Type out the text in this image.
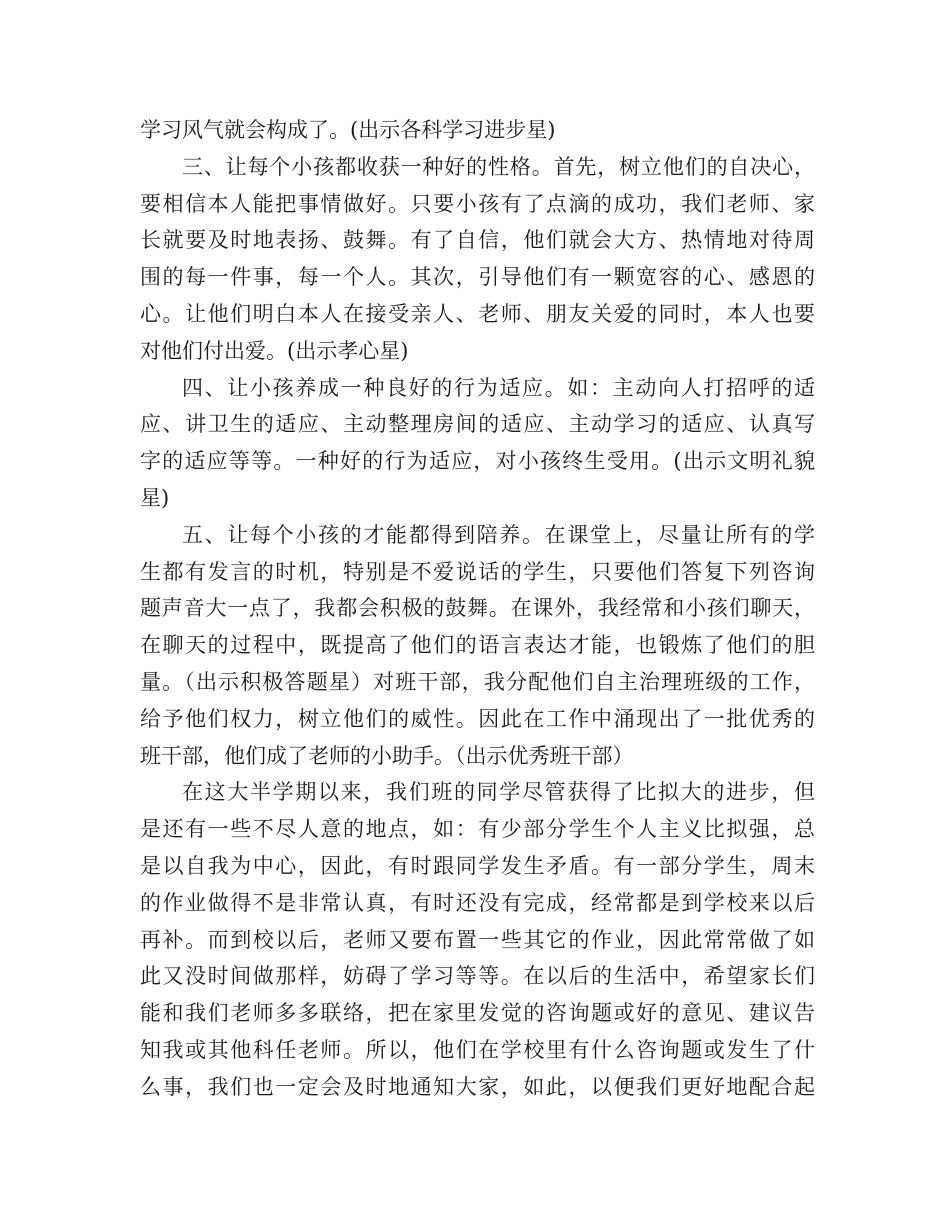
学习风气就会构成了。(出示各科学习进步星)
三、让每个小孩都收获一种好的性格。首先，树立他们的自决心，
要相信本人能把事情做好。只要小孩有了点滴的成功，我们老师、家
长就要及时地表扬、鼓舞。有了自信，他们就会大方、热情地对待周
围的每一件事，每一个人。其次，引导他们有一颗宽容的心、感恩的
心。让他们明白本人在接受亲人、老师、朋友关爱的同时，本人也要
对他们付出爱。(出示孝心星)
四、让小孩养成一种良好的行为适应。如：主动向人打招呼的适
应、讲卫生的适应、主动整理房间的适应、主动学习的适应、认真写
字的适应等等。一种好的行为适应，对小孩终生受用。(出示文明礼貌
星)
五、让每个小孩的才能都得到陪养。在课堂上，尽量让所有的学
生都有发言的时机，特别是不爱说话的学生，只要他们答复下列咨询
题声音大一点了，我都会积极的鼓舞。在课外，我经常和小孩们聊天，
在聊天的过程中，既提高了他们的语言表达才能，也锻炼了他们的胆
量。（出示积极答题星）对班干部，我分配他们自主治理班级的工作，
给予他们权力，树立他们的威性。因此在工作中涌现出了一批优秀的
班干部，他们成了老师的小助手。（出示优秀班干部）
在这大半学期以来，我们班的同学尽管获得了比拟大的进步，但
是还有一些不尽人意的地点，如：有少部分学生个人主义比拟强，总
是以自我为中心，因此，有时跟同学发生矛盾。有一部分学生，周末
的作业做得不是非常认真，有时还没有完成，经常都是到学校来以后
再补。而到校以后，老师又要布置一些其它的作业，因此常常做了如
此又没时间做那样，妨碍了学习等等。在以后的生活中，希望家长们
能和我们老师多多联络，把在家里发觉的咨询题或好的意见、建议告
知我或其他科任老师。所以，他们在学校里有什么咨询题或发生了什
么事，我们也一定会及时地通知大家，如此，以便我们更好地配合起
